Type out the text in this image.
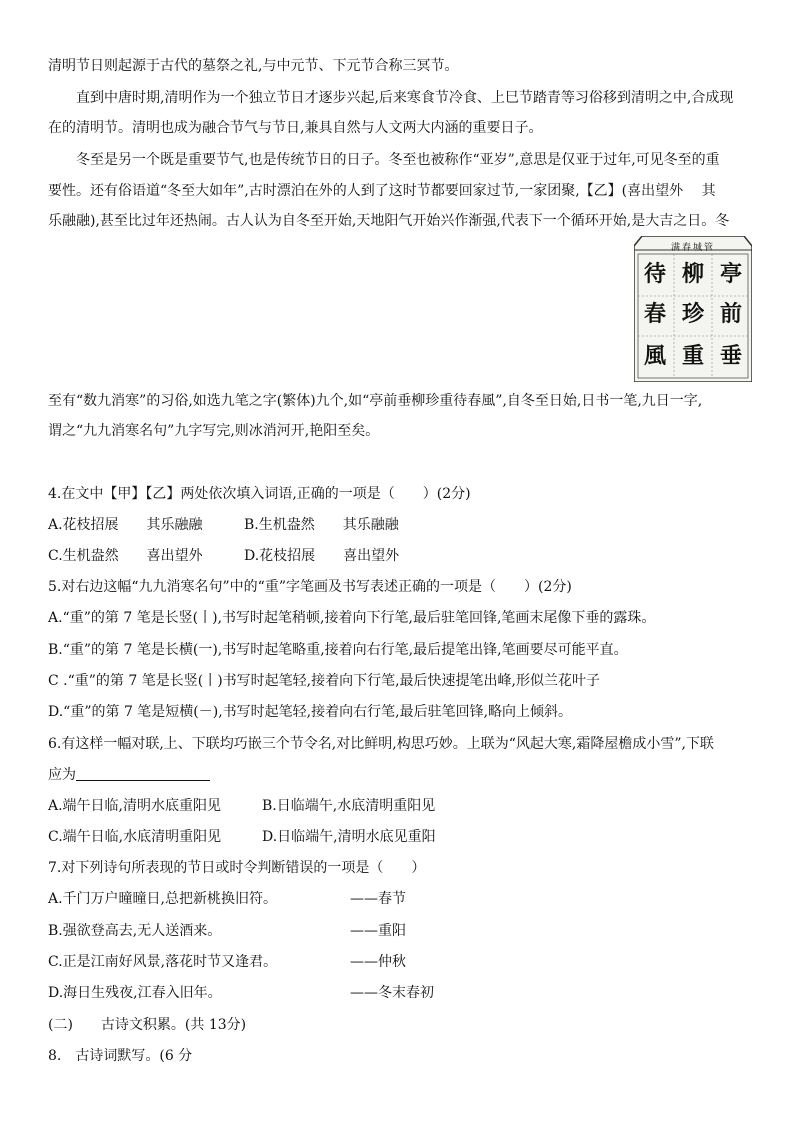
清明节日则起源于古代的墓祭之礼,与中元节、下元节合称三冥节。
直到中唐时期,清明作为一个独立节日才逐步兴起,后来寒食节冷食、上巳节踏青等习俗移到清明之中,合成现
在的清明节。清明也成为融合节气与节日,兼具自然与人文两大内涵的重要日子。
冬至是另一个既是重要节气,也是传统节日的日子。冬至也被称作“亚岁”,意思是仅亚于过年,可见冬至的重
要性。还有俗语道“冬至大如年”,古时漂泊在外的人到了这时节都要回家过节,一家团聚,【乙】(喜出望外　 其
乐融融),甚至比过年还热闹。古人认为自冬至开始,天地阳气开始兴作渐强,代表下一个循环开始,是大吉之日。冬
满春城管
待 柳 亭
春 珍 前
風 重 垂
至有“数九消寒”的习俗,如选九笔之字(繁体)九个,如“亭前垂柳珍重待春風”,自冬至日始,日书一笔,九日一字,
谓之“九九消寒名句”九字写完,则冰消河开,艳阳至矣。
4.在文中【甲】【乙】两处依次填入词语,正确的一项是（　　）(2分)
A.花枝招展　　其乐融融	B.生机盎然　　其乐融融
C.生机盎然　　喜出望外	D.花枝招展　　喜出望外
5.对右边这幅“九九消寒名句”中的“重”字笔画及书写表述正确的一项是（　　）(2分)
A.“重”的第 7 笔是长竖(丨),书写时起笔稍顿,接着向下行笔,最后驻笔回锋,笔画末尾像下垂的露珠。
B.“重”的第 7 笔是长横(一),书写时起笔略重,接着向右行笔,最后提笔出锋,笔画要尽可能平直。
C .“重”的第 7 笔是长竖(丨)书写时起笔轻,接着向下行笔,最后快速提笔出峰,形似兰花叶子
D.“重”的第 7 笔是短横(－),书写时起笔轻,接着向右行笔,最后驻笔回锋,略向上倾斜。
6.有这样一幅对联,上、下联均巧嵌三个节令名,对比鲜明,构思巧妙。上联为“风起大寒,霜降屋檐成小雪”,下联
应为
A.端午日临,清明水底重阳见	B.日临端午,水底清明重阳见
C.端午日临,水底清明重阳见	D.日临端午,清明水底见重阳
7.对下列诗句所表现的节日或时令判断错误的一项是（　　）
A.千门万户曈曈日,总把新桃换旧符。	——春节
B.强欲登高去,无人送酒来。	——重阳
C.正是江南好风景,落花时节又逢君。	——仲秋
D.海日生残夜,江春入旧年。	——冬末春初
(二)　　古诗文积累。(共 13分)
8.　古诗词默写。(6 分
